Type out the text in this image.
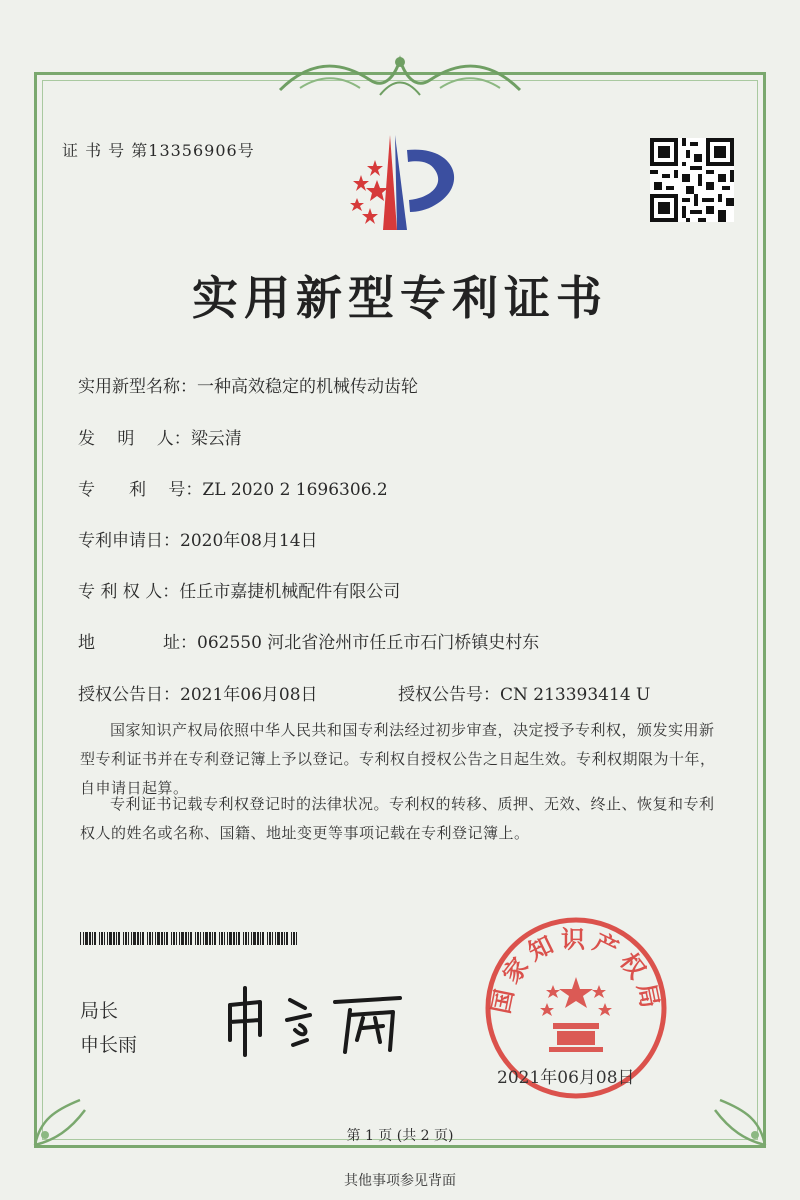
证 书 号 第13356906号
实用新型专利证书
实用新型名称：一种高效稳定的机械传动齿轮
发　 明　 人：梁云清
专　　利　 号：ZL 2020 2 1696306.2
专利申请日：2020年08月14日
专 利 权 人：任丘市嘉捷机械配件有限公司
地　　　　址：062550 河北省沧州市任丘市石门桥镇史村东
授权公告日：2021年06月08日	授权公告号：CN 213393414 U
国家知识产权局依照中华人民共和国专利法经过初步审查，决定授予专利权，颁发实用新型专利证书并在专利登记簿上予以登记。专利权自授权公告之日起生效。专利权期限为十年，自申请日起算。
专利证书记载专利权登记时的法律状况。专利权的转移、质押、无效、终止、恢复和专利权人的姓名或名称、国籍、地址变更等事项记载在专利登记簿上。
局长
申长雨
国家知识产权局
2021年06月08日
第 1 页 (共 2 页)
其他事项参见背面
